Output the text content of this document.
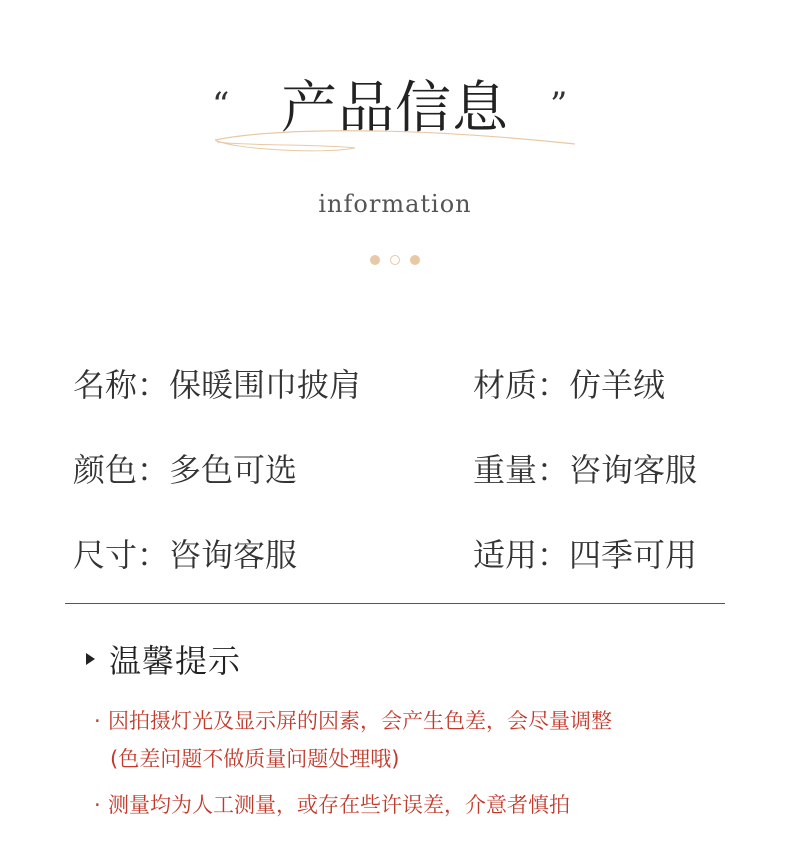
“ 产品信息	”
information
名称：保暖围巾披肩	材质：仿羊绒
颜色：多色可选	重量：咨询客服
尺寸：咨询客服	适用：四季可用
温馨提示
· 因拍摄灯光及显示屏的因素，会产生色差，会尽量调整
(色差问题不做质量问题处理哦)
· 测量均为人工测量，或存在些许误差，介意者慎拍
